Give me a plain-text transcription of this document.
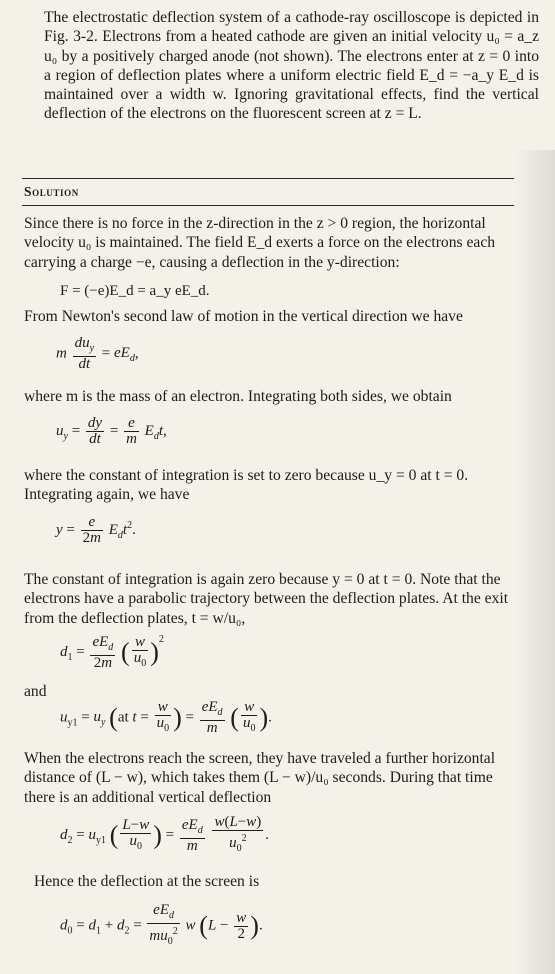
The electrostatic deflection system of a cathode-ray oscilloscope is depicted in Fig. 3-2. Electrons from a heated cathode are given an initial velocity u₀ = a_z u₀ by a positively charged anode (not shown). The electrons enter at z = 0 into a region of deflection plates where a uniform electric field E_d = −a_y E_d is maintained over a width w. Ignoring gravitational effects, find the vertical deflection of the electrons on the fluorescent screen at z = L.
Solution
Since there is no force in the z-direction in the z > 0 region, the horizontal velocity u₀ is maintained. The field E_d exerts a force on the electrons each carrying a charge −e, causing a deflection in the y-direction:
F = (−e)E_d = a_y eE_d.
From Newton's second law of motion in the vertical direction we have
m $\frac{du_y}{dt} = eE_d$,
where m is the mass of an electron. Integrating both sides, we obtain
$u_y = \frac{dy}{dt} = \frac{e}{m} E_dt$,
where the constant of integration is set to zero because u_y = 0 at t = 0. Integrating again, we have
$y = \frac{e}{2m} E_dt^2$.
The constant of integration is again zero because y = 0 at t = 0. Note that the electrons have a parabolic trajectory between the deflection plates. At the exit from the deflection plates, t = w/u₀,
$d_1 = \frac{eE_d}{2m}$ ( $\frac{w}{u_0} )^2$
and
$u_{y1} = u_y$ (at $t = \frac{w}{u_0}$ ) = $\frac{eE_d}{m}$ ( $\frac{w}{u_0}$ ).
When the electrons reach the screen, they have traveled a further horizontal distance of (L − w), which takes them (L − w)/u₀ seconds. During that time there is an additional vertical deflection
$d_2 = u_{y1}$ ( $\frac{L-w}{u_0}$ ) = $\frac{eE_d}{m}$
$\frac{w(L-w)}{u_0^2}$ .
Hence the deflection at the screen is
$d_0 = d_1 + d_2 = \frac{eE_d}{mu_0^2}$ w ($L - \frac{w}{2}$ ).
